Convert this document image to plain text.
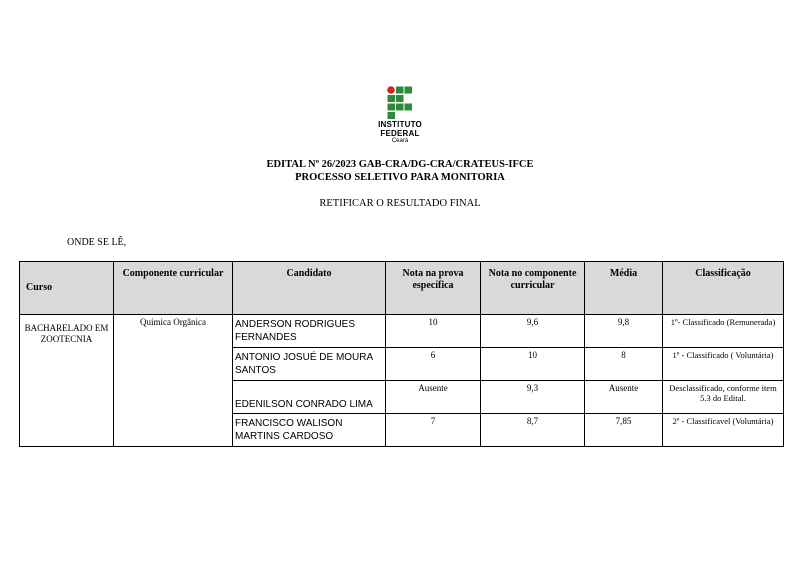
INSTITUTO
FEDERAL
Ceará
EDITAL Nº 26/2023 GAB-CRA/DG-CRA/CRATEUS-IFCE
PROCESSO SELETIVO PARA MONITORIA
RETIFICAR O RESULTADO FINAL
ONDE SE LÊ,
Curso	Componente curricular	Candidato	Nota na prova específica	Nota no componente curricular	Média	Classificação
BACHARELADO EM ZOOTECNIA	Química Orgânica	ANDERSON RODRIGUES FERNANDES	10	9,6	9,8	1º- Classificado (Remunerada)
		ANTONIO JOSUÉ DE MOURA SANTOS	6	10	8	1º - Classificado ( Voluntária)
		EDENILSON CONRADO LIMA	Ausente	9,3	Ausente	Desclassificado, conforme item 5.3 do Edital.
		FRANCISCO WALISON MARTINS CARDOSO	7	8,7	7,85	2º - Classificavel (Voluntária)
